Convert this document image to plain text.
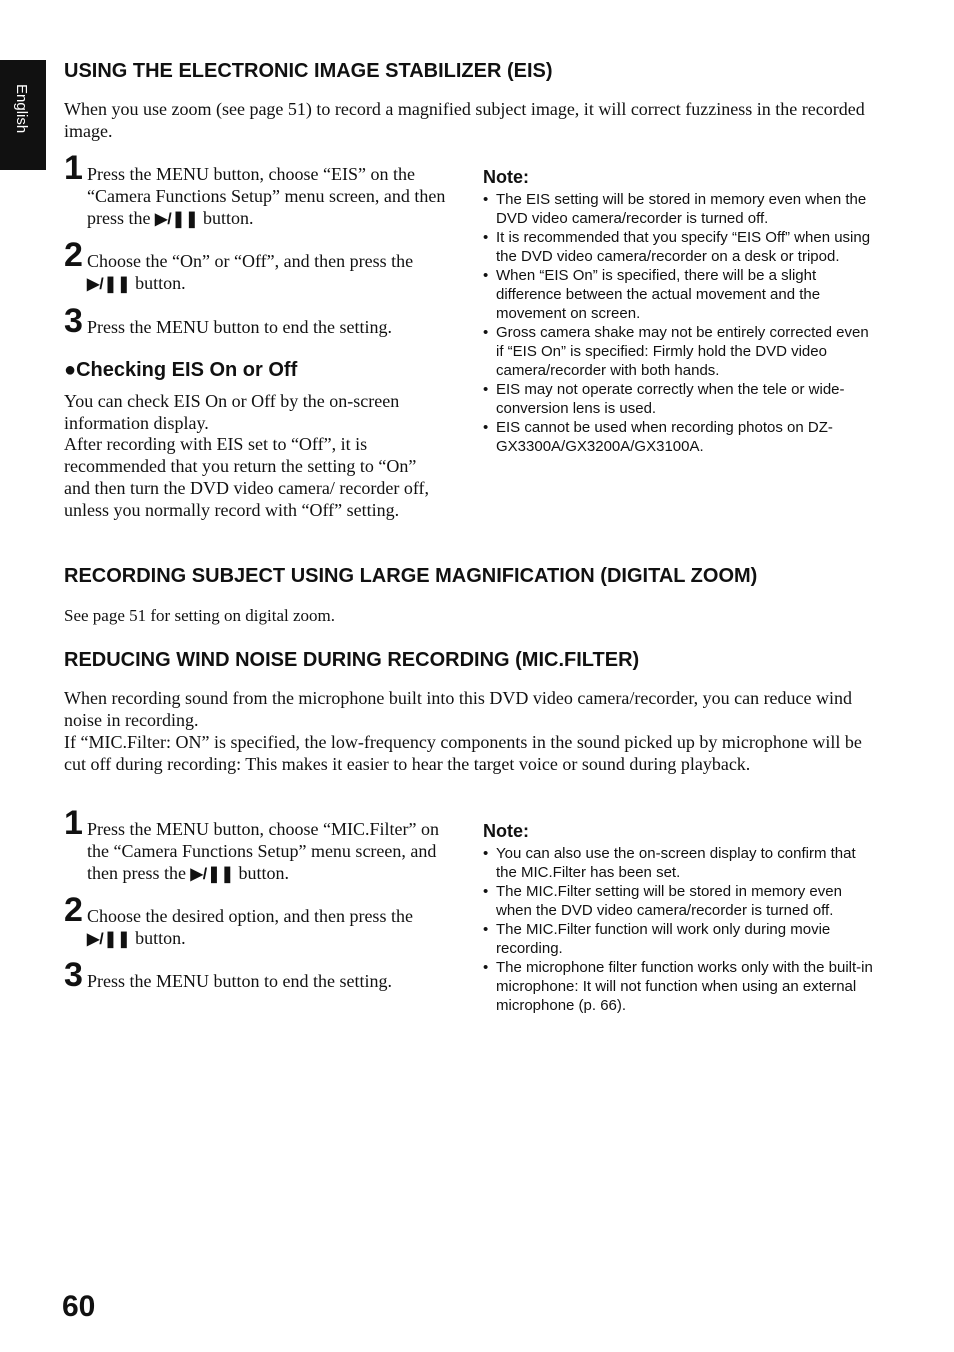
English
USING THE ELECTRONIC IMAGE STABILIZER (EIS)

When you use zoom (see page 51) to record a magnified subject image, it will correct fuzziness in the recorded image.

1 Press the MENU button, choose “EIS” on the “Camera Functions Setup” menu screen, and then press the ▶/❚❚ button.
2 Choose the “On” or “Off”, and then press the ▶/❚❚ button.
3 Press the MENU button to end the setting.
●Checking EIS On or Off

You can check EIS On or Off by the on-screen information display.

After recording with EIS set to “Off”, it is recommended that you return the setting to “On” and then turn the DVD video camera/ recorder off, unless you normally record with “Off” setting.

Note:
• The EIS setting will be stored in memory even when the DVD video camera/recorder is turned off.
• It is recommended that you specify “EIS Off” when using the DVD video camera/recorder on a desk or tripod.
• When “EIS On” is specified, there will be a slight difference between the actual movement and the movement on screen.
• Gross camera shake may not be entirely corrected even if “EIS On” is specified: Firmly hold the DVD video camera/recorder with both hands.
• EIS may not operate correctly when the tele or wide-conversion lens is used.
• EIS cannot be used when recording photos on DZ-GX3300A/GX3200A/GX3100A.
RECORDING SUBJECT USING LARGE MAGNIFICATION (DIGITAL ZOOM)

See page 51 for setting on digital zoom.

REDUCING WIND NOISE DURING RECORDING (MIC.FILTER)

When recording sound from the microphone built into this DVD video camera/recorder, you can reduce wind noise in recording.

If “MIC.Filter: ON” is specified, the low-frequency components in the sound picked up by microphone will be cut off during recording: This makes it easier to hear the target voice or sound during playback.

1 Press the MENU button, choose “MIC.Filter” on the “Camera Functions Setup” menu screen, and then press the ▶/❚❚ button.
2 Choose the desired option, and then press the ▶/❚❚ button.
3 Press the MENU button to end the setting.
Note:
• You can also use the on-screen display to confirm that the MIC.Filter has been set.
• The MIC.Filter setting will be stored in memory even when the DVD video camera/recorder is turned off.
• The MIC.Filter function will work only during movie recording.
• The microphone filter function works only with the built-in microphone: It will not function when using an external microphone (p. 66).
60
